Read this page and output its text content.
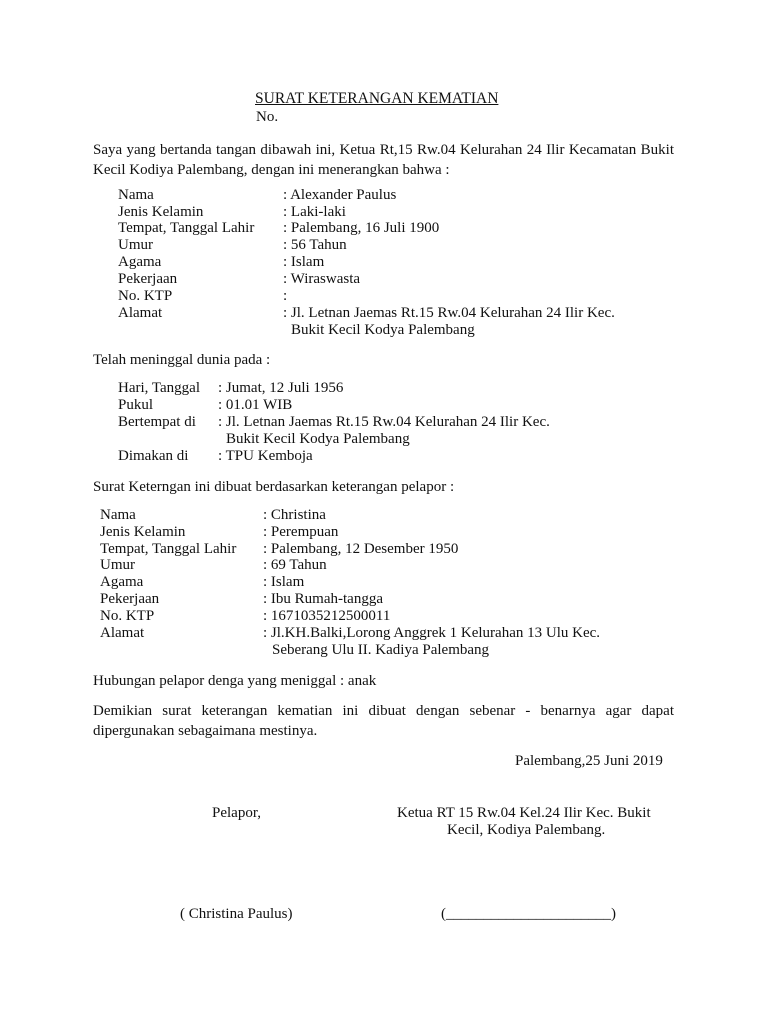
SURAT KETERANGAN KEMATIAN
No.
Saya yang bertanda tangan dibawah ini, Ketua Rt,15 Rw.04 Kelurahan 24 Ilir Kecamatan Bukit Kecil Kodiya Palembang, dengan ini menerangkan bahwa :
Nama	: Alexander Paulus
Jenis Kelamin	: Laki-laki
Tempat, Tanggal Lahir : Palembang, 16 Juli 1900
Umur	: 56 Tahun
Agama	: Islam
Pekerjaan	: Wiraswasta
No. KTP	:
Alamat	: Jl. Letnan Jaemas Rt.15 Rw.04 Kelurahan 24 Ilir Kec.
Bukit Kecil Kodya Palembang
Telah meninggal dunia pada :
Hari, Tanggal : Jumat, 12 Juli 1956
Pukul	: 01.01 WIB
Bertempat di : Jl. Letnan Jaemas Rt.15 Rw.04 Kelurahan 24 Ilir Kec.
Bukit Kecil Kodya Palembang
Dimakan di : TPU Kemboja
Surat Keterngan ini dibuat berdasarkan keterangan pelapor :
Nama	: Christina
Jenis Kelamin	: Perempuan
Tempat, Tanggal Lahir : Palembang, 12 Desember 1950
Umur	: 69 Tahun
Agama	: Islam
Pekerjaan	: Ibu Rumah-tangga
No. KTP	: 1671035212500011
Alamat	: Jl.KH.Balki,Lorong Anggrek 1 Kelurahan 13 Ulu Kec.
Seberang Ulu II. Kadiya Palembang
Hubungan pelapor denga yang meniggal : anak
Demikian surat keterangan kematian ini dibuat dengan sebenar - benarnya agar dapat dipergunakan sebagaimana mestinya.
Palembang,25 Juni 2019
Pelapor,	Ketua RT 15 Rw.04 Kel.24 Ilir Kec. Bukit
Kecil, Kodiya Palembang.
( Christina Paulus)	(______________________)
